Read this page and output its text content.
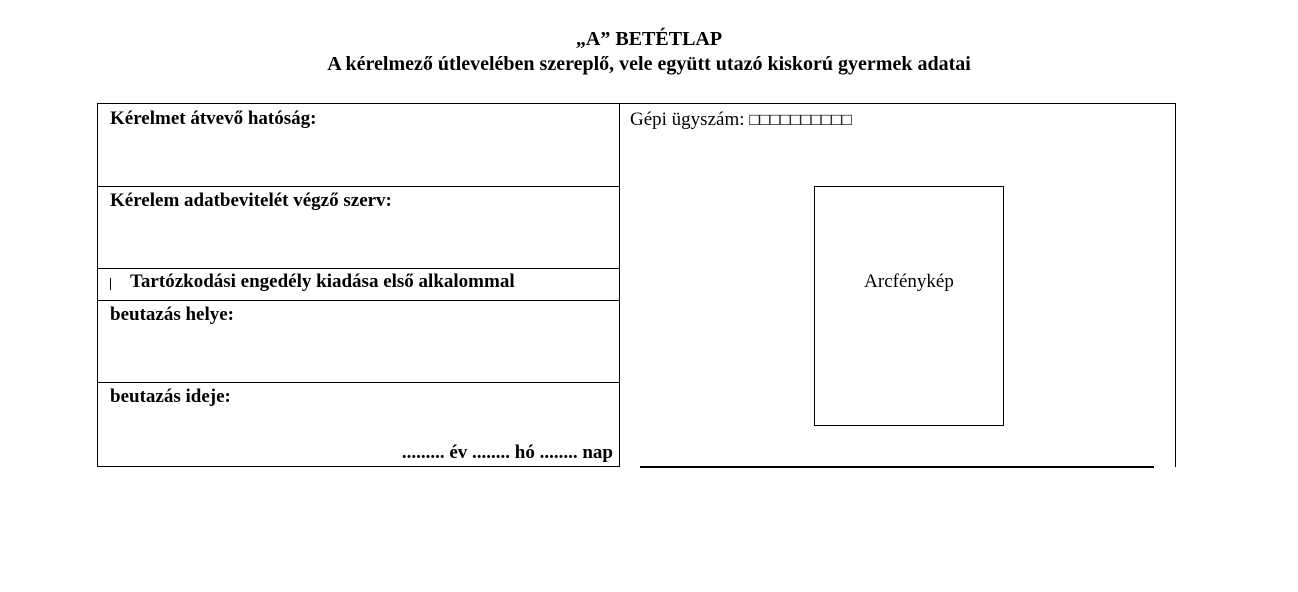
„A” BETÉTLAP
A kérelmező útlevelében szereplő, vele együtt utazó kiskorú gyermek adatai
Kérelmet átvevő hatóság:
Kérelem adatbevitelét végző szerv:
Tartózkodási engedély kiadása első alkalommal
beutazás helye:
beutazás ideje:
......... év ........ hó ........ nap
Gépi ügyszám: □□□□□□□□□□
Arcfénykép
